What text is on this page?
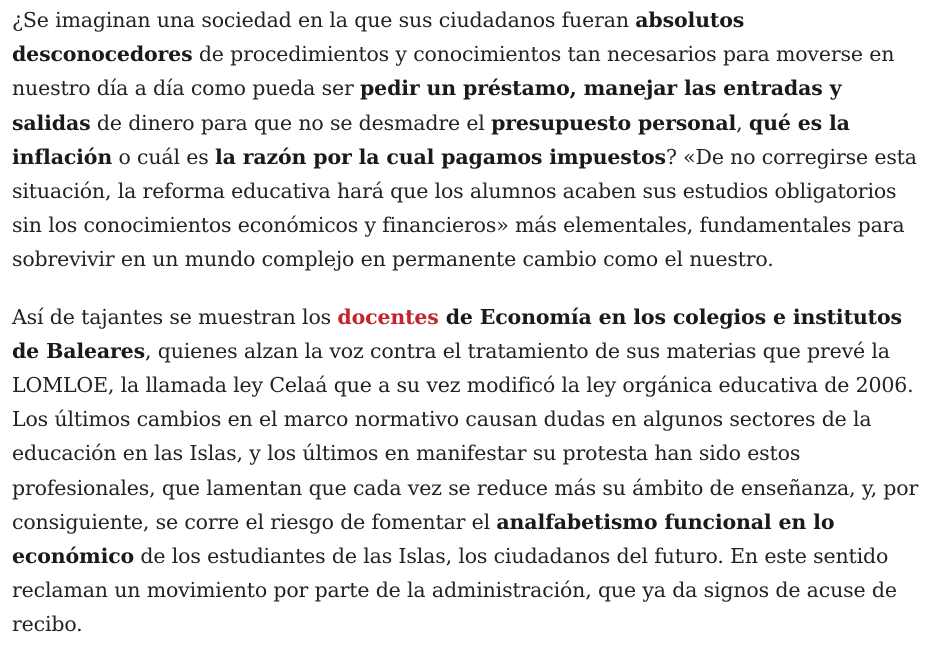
¿Se imaginan una sociedad en la que sus ciudadanos fueran absolutos desconocedores de procedimientos y conocimientos tan necesarios para moverse en nuestro día a día como pueda ser pedir un préstamo, manejar las entradas y salidas de dinero para que no se desmadre el presupuesto personal, qué es la inflación o cuál es la razón por la cual pagamos impuestos? «De no corregirse esta situación, la reforma educativa hará que los alumnos acaben sus estudios obligatorios sin los conocimientos económicos y financieros» más elementales, fundamentales para sobrevivir en un mundo complejo en permanente cambio como el nuestro.

Así de tajantes se muestran los docentes de Economía en los colegios e institutos de Baleares, quienes alzan la voz contra el tratamiento de sus materias que prevé la LOMLOE, la llamada ley Celaá que a su vez modificó la ley orgánica educativa de 2006. Los últimos cambios en el marco normativo causan dudas en algunos sectores de la educación en las Islas, y los últimos en manifestar su protesta han sido estos profesionales, que lamentan que cada vez se reduce más su ámbito de enseñanza, y, por consiguiente, se corre el riesgo de fomentar el analfabetismo funcional en lo económico de los estudiantes de las Islas, los ciudadanos del futuro. En este sentido reclaman un movimiento por parte de la administración, que ya da signos de acuse de recibo.
